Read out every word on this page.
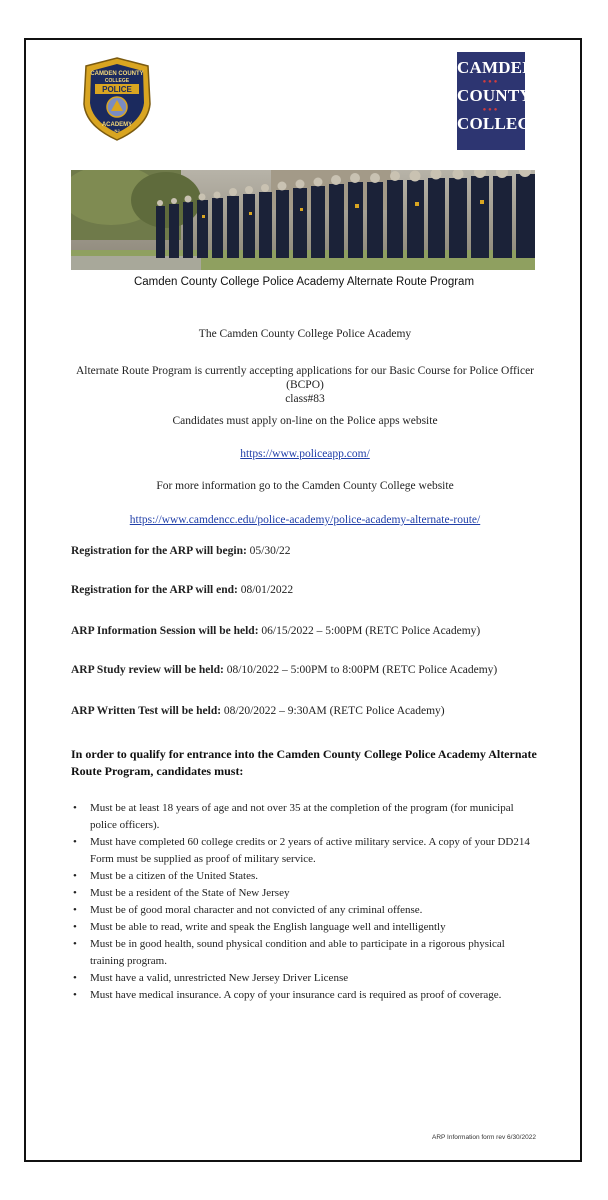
CAMDEN COUNTY
COLLEGE
POLICE
ACADEMY
NJ
CAMDEN
●●●
COUNTY
●●●
COLLEGE
Camden County College Police Academy Alternate Route Program
The Camden County College Police Academy
Alternate Route Program is currently accepting applications for our Basic Course for Police Officer (BCPO)
class#83
Candidates must apply on-line on the Police apps website
https://www.policeapp.com/
For more information go to the Camden County College website
https://www.camdencc.edu/police-academy/police-academy-alternate-route/
Registration for the ARP will begin: 05/30/22
Registration for the ARP will end: 08/01/2022
ARP Information Session will be held: 06/15/2022 – 5:00PM (RETC Police Academy)
ARP Study review will be held: 08/10/2022 – 5:00PM to 8:00PM (RETC Police Academy)
ARP Written Test will be held: 08/20/2022 – 9:30AM (RETC Police Academy)
In order to qualify for entrance into the Camden County College Police Academy Alternate Route Program, candidates must:
• Must be at least 18 years of age and not over 35 at the completion of the program (for municipal police officers).
• Must have completed 60 college credits or 2 years of active military service. A copy of your DD214 Form must be supplied as proof of military service.
• Must be a citizen of the United States.
• Must be a resident of the State of New Jersey
• Must be of good moral character and not convicted of any criminal offense.
• Must be able to read, write and speak the English language well and intelligently
• Must be in good health, sound physical condition and able to participate in a rigorous physical training program.
• Must have a valid, unrestricted New Jersey Driver License
• Must have medical insurance. A copy of your insurance card is required as proof of coverage.
ARP Information form rev 6/30/2022
